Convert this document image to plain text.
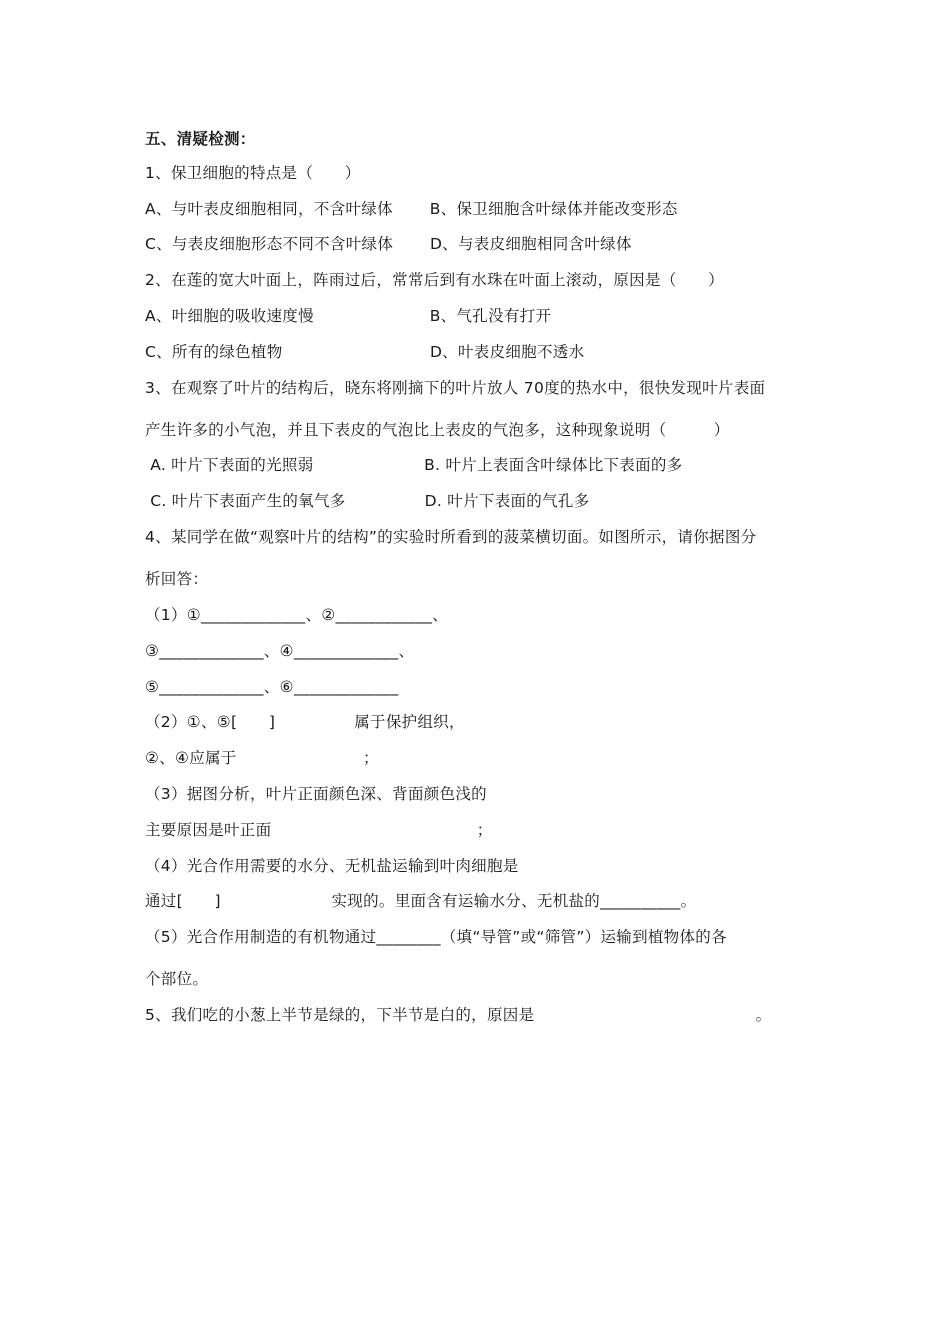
五、清疑检测：
1、保卫细胞的特点是（　　）
A、与叶表皮细胞相同，不含叶绿体　　 B、保卫细胞含叶绿体并能改变形态
C、与表皮细胞形态不同不含叶绿体　　 D、与表皮细胞相同含叶绿体
2、在莲的宽大叶面上，阵雨过后，常常后到有水珠在叶面上滚动，原因是（　　）
A、叶细胞的吸收速度慢　　　　　　　 B、气孔没有打开
C、所有的绿色植物　　　　　　　　　 D、叶表皮细胞不透水
3、在观察了叶片的结构后，晓东将刚摘下的叶片放人 70度的热水中，很快发现叶片表面
产生许多的小气泡，并且下表皮的气泡比上表皮的气泡多，这种现象说明（　　　）
A. 叶片下表面的光照弱　　　　　　　B. 叶片上表面含叶绿体比下表面的多
C. 叶片下表面产生的氧气多　　　　　D. 叶片下表面的气孔多
4、某同学在做“观察叶片的结构”的实验时所看到的菠菜横切面。如图所示，请你据图分
析回答：
（1）①_____________、②____________、
③_____________、④_____________、
⑤_____________、⑥_____________
（2）①、⑤[　　]　　　　　属于保护组织，
②、④应属于　　　　　　　　；
（3）据图分析，叶片正面颜色深、背面颜色浅的
主要原因是叶正面　　　　　　　　　　　　　；
（4）光合作用需要的水分、无机盐运输到叶肉细胞是
通过[　　]　　　　　　　实现的。里面含有运输水分、无机盐的__________。
（5）光合作用制造的有机物通过________（填“导管”或“筛管”）运输到植物体的各
个部位。
5、我们吃的小葱上半节是绿的，下半节是白的，原因是　　　　　　　　　　　　　　。
